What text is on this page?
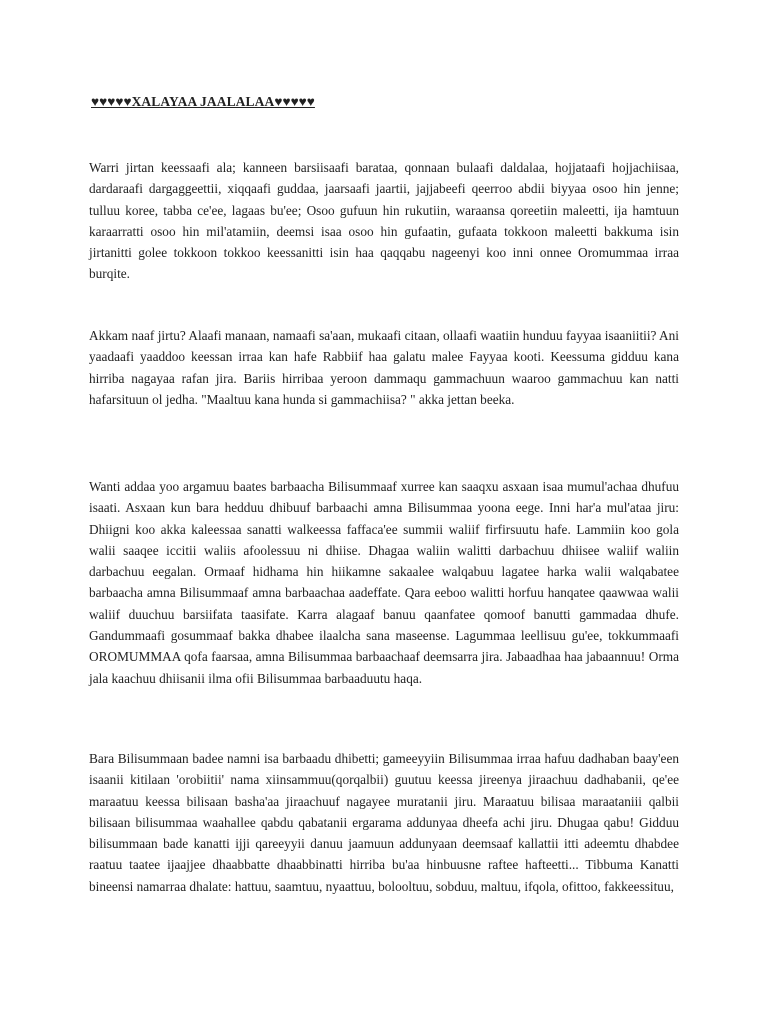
♥♥♥♥♥XALAYAA JAALALAA♥♥♥♥♥

Warri jirtan keessaafi ala; kanneen barsiisaafi barataa, qonnaan bulaafi daldalaa, hojjataafi hojjachiisaa, dardaraafi dargaggeettii, xiqqaafi guddaa, jaarsaafi jaartii, jajjabeefi qeerroo abdii biyyaa osoo hin jenne; tulluu koree, tabba ce'ee, lagaas bu'ee; Osoo gufuun hin rukutiin, waraansa qoreetiin maleetti, ija hamtuun karaarratti osoo hin mil'atamiin, deemsi isaa osoo hin gufaatin, gufaata tokkoon maleetti bakkuma isin jirtanitti golee tokkoon tokkoo keessanitti isin haa qaqqabu nageenyi koo inni onnee Oromummaa irraa burqite.

Akkam naaf jirtu? Alaafi manaan, namaafi sa'aan, mukaafi citaan, ollaafi waatiin hunduu fayyaa isaaniitii? Ani yaadaafi yaaddoo keessan irraa kan hafe Rabbiif haa galatu malee Fayyaa kooti. Keessuma gidduu kana hirriba nagayaa rafan jira. Bariis hirribaa yeroon dammaqu gammachuun waaroo gammachuu kan natti hafarsituun ol jedha. "Maaltuu kana hunda si gammachiisa? " akka jettan beeka.

Wanti addaa yoo argamuu baates barbaacha Bilisummaaf xurree kan saaqxu asxaan isaa mumul'achaa dhufuu isaati. Asxaan kun bara hedduu dhibuuf barbaachi amna Bilisummaa yoona eege. Inni har'a mul'ataa jiru: Dhiigni koo akka kaleessaa sanatti walkeessa faffaca'ee summii waliif firfirsuutu hafe. Lammiin koo gola walii saaqee iccitii waliis afoolessuu ni dhiise. Dhagaa waliin walitti darbachuu dhiisee waliif waliin darbachuu eegalan. Ormaaf hidhama hin hiikamne sakaalee walqabuu lagatee harka walii walqabatee barbaacha amna Bilisummaaf amna barbaachaa aadeffate. Qara eeboo walitti horfuu hanqatee qaawwaa walii waliif duuchuu barsiifata taasifate. Karra alagaaf banuu qaanfatee qomoof banutti gammadaa dhufe. Gandummaafi gosummaaf bakka dhabee ilaalcha sana maseense. Lagummaa leellisuu gu'ee, tokkummaafi OROMUMMAA qofa faarsaa, amna Bilisummaa barbaachaaf deemsarra jira. Jabaadhaa haa jabaannuu! Orma jala kaachuu dhiisanii ilma ofii Bilisummaa barbaaduutu haqa.

Bara Bilisummaan badee namni isa barbaadu dhibetti; gameeyyiin Bilisummaa irraa hafuu dadhaban baay'een isaanii kitilaan 'orobiitii' nama xiinsammuu(qorqalbii) guutuu keessa jireenya jiraachuu dadhabanii, qe'ee maraatuu keessa bilisaan basha'aa jiraachuuf nagayee muratanii jiru. Maraatuu bilisaa maraataniii qalbii bilisaan bilisummaa waahallee qabdu qabatanii ergarama addunyaa dheefa achi jiru. Dhugaa qabu! Gidduu bilisummaan bade kanatti ijji qareeyyii danuu jaamuun addunyaan deemsaaf kallattii itti adeemtu dhabdee raatuu taatee ijaajjee dhaabbatte dhaabbinatti hirriba bu'aa hinbuusne raftee hafteetti... Tibbuma Kanatti bineensi namarraa dhalate: hattuu, saamtuu, nyaattuu, bolooltuu, sobduu, maltuu, ifqola, ofittoo, fakkeessituu,
